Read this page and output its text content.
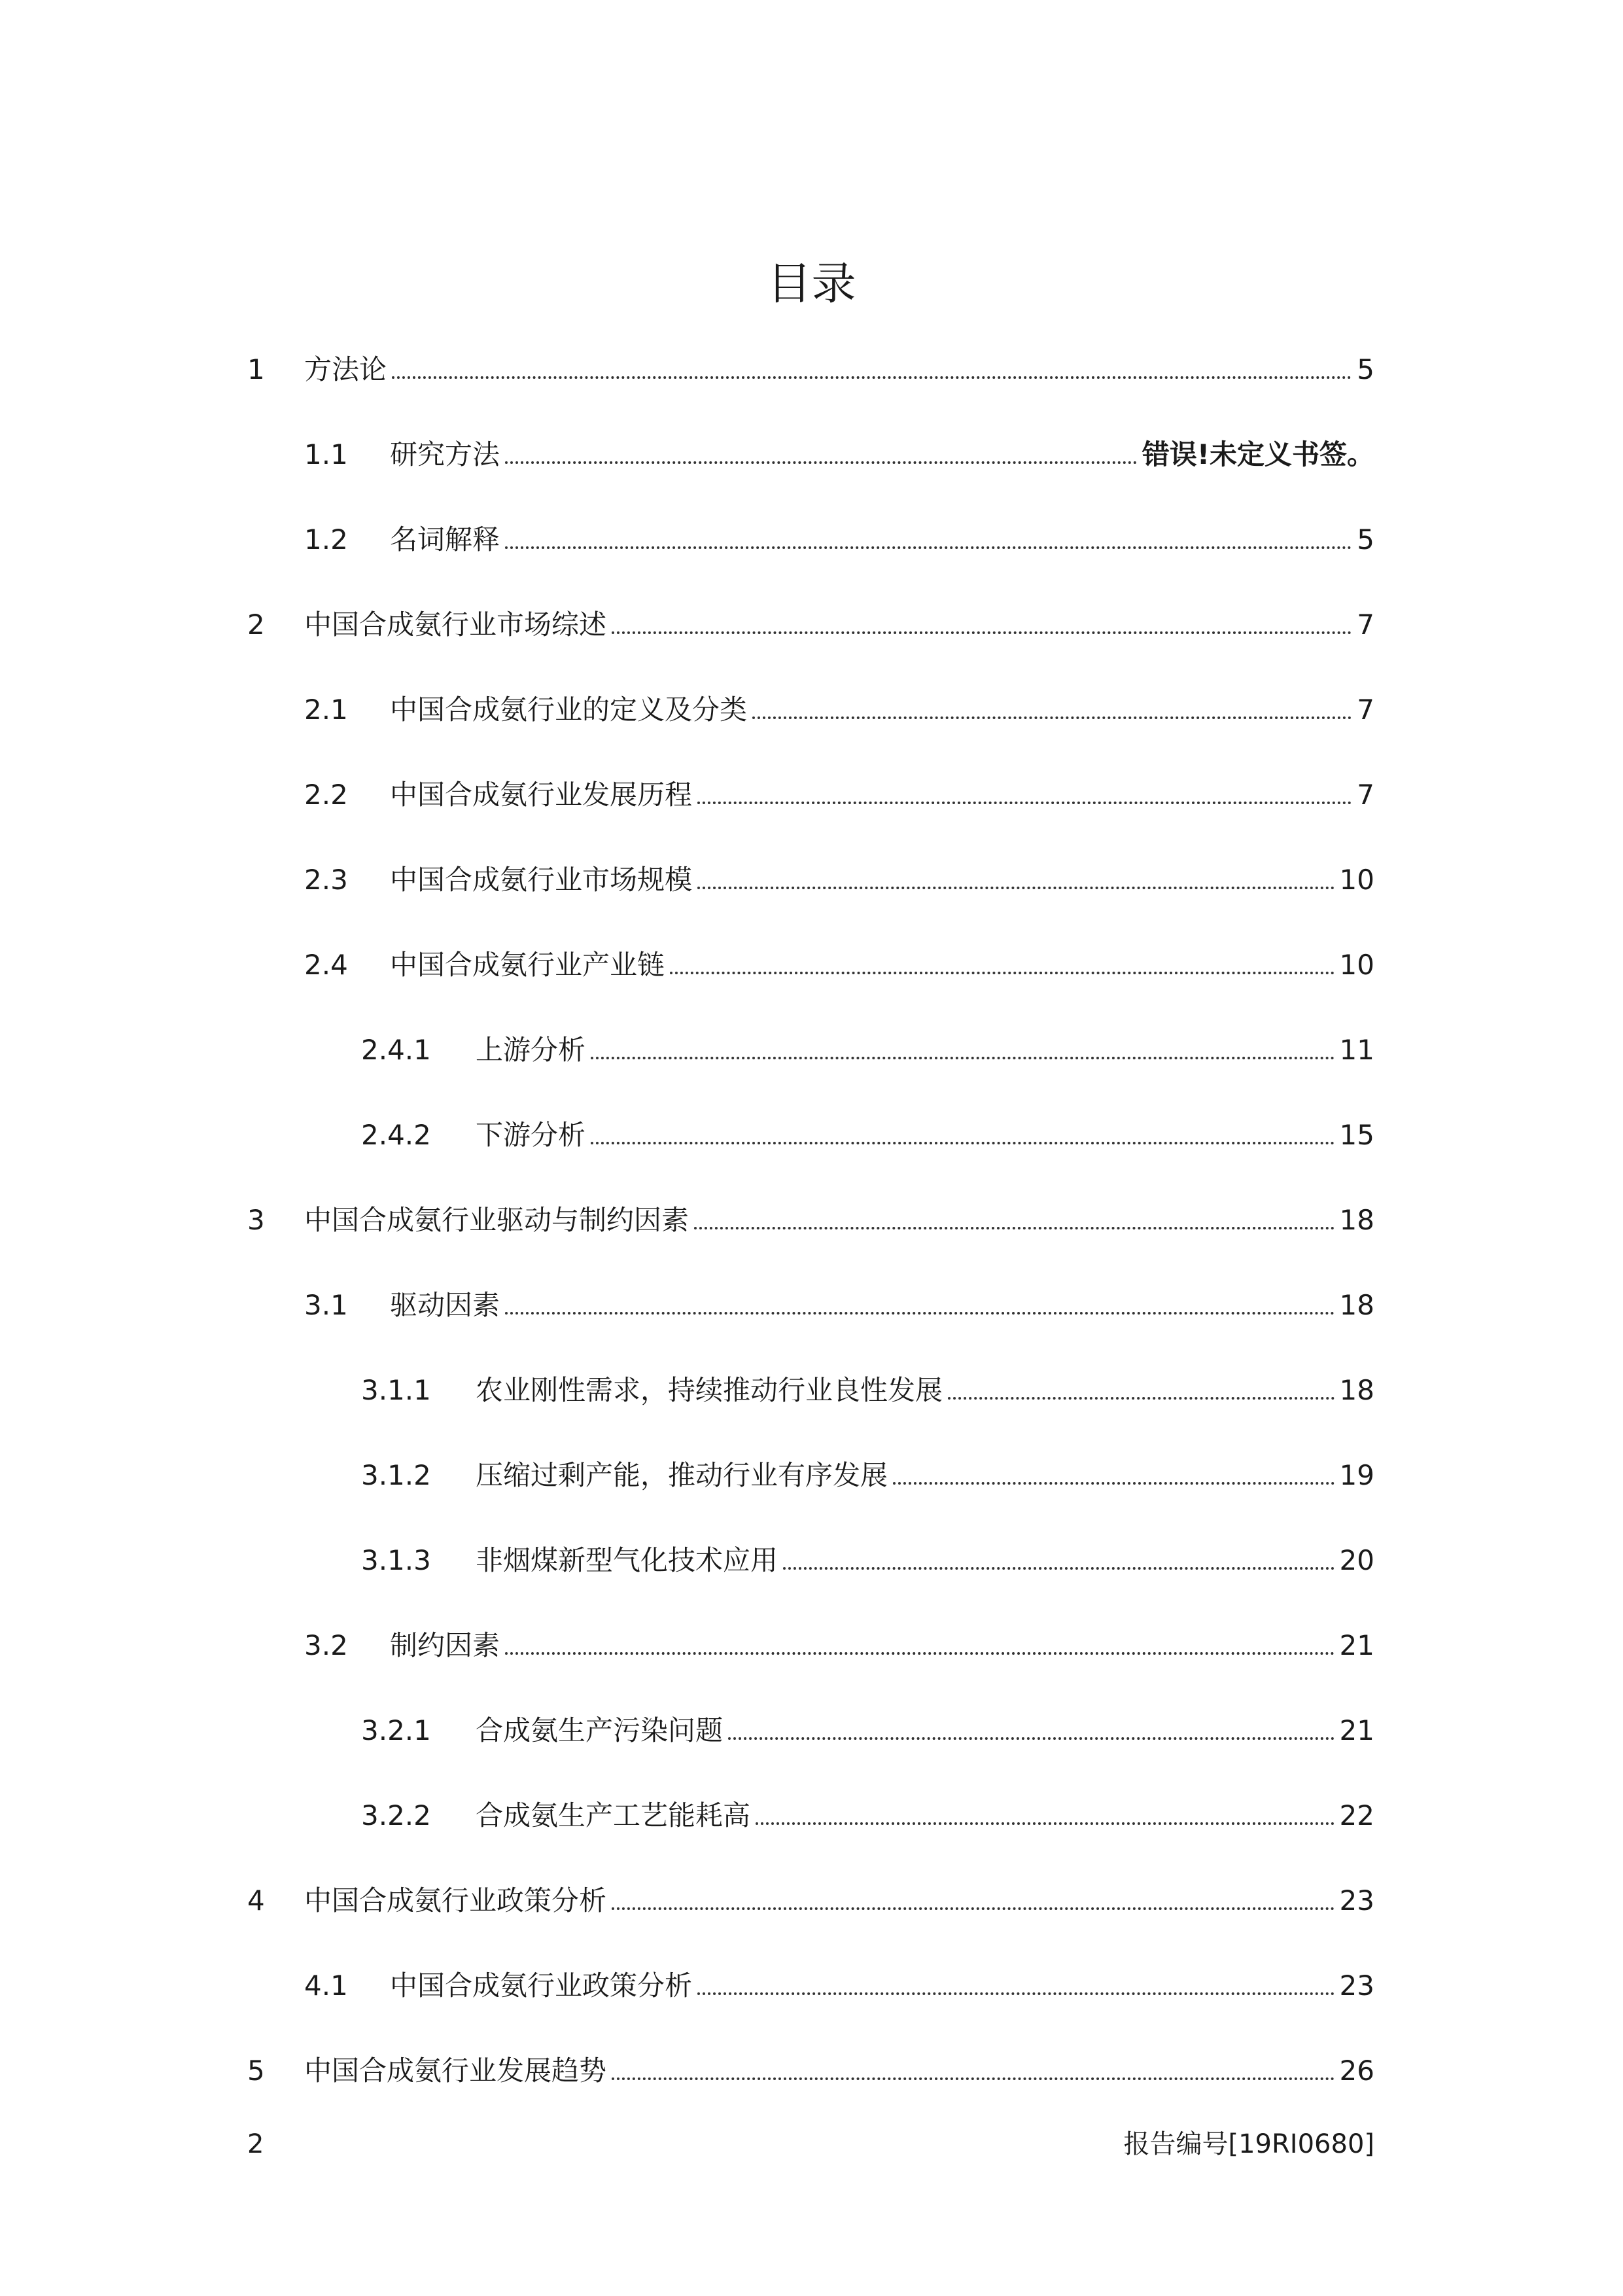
目录
1 方法论	5
1.1 研究方法	错误!未定义书签。
1.2 名词解释	5
2 中国合成氨行业市场综述	7
2.1 中国合成氨行业的定义及分类	7
2.2 中国合成氨行业发展历程	7
2.3 中国合成氨行业市场规模	10
2.4 中国合成氨行业产业链	10
2.4.1 上游分析	11
2.4.2 下游分析	15
3 中国合成氨行业驱动与制约因素	18
3.1 驱动因素	18
3.1.1 农业刚性需求，持续推动行业良性发展	18
3.1.2 压缩过剩产能，推动行业有序发展	19
3.1.3 非烟煤新型气化技术应用	20
3.2 制约因素	21
3.2.1 合成氨生产污染问题	21
3.2.2 合成氨生产工艺能耗高	22
4 中国合成氨行业政策分析	23
4.1 中国合成氨行业政策分析	23
5 中国合成氨行业发展趋势	26
2	报告编号[19RI0680]
